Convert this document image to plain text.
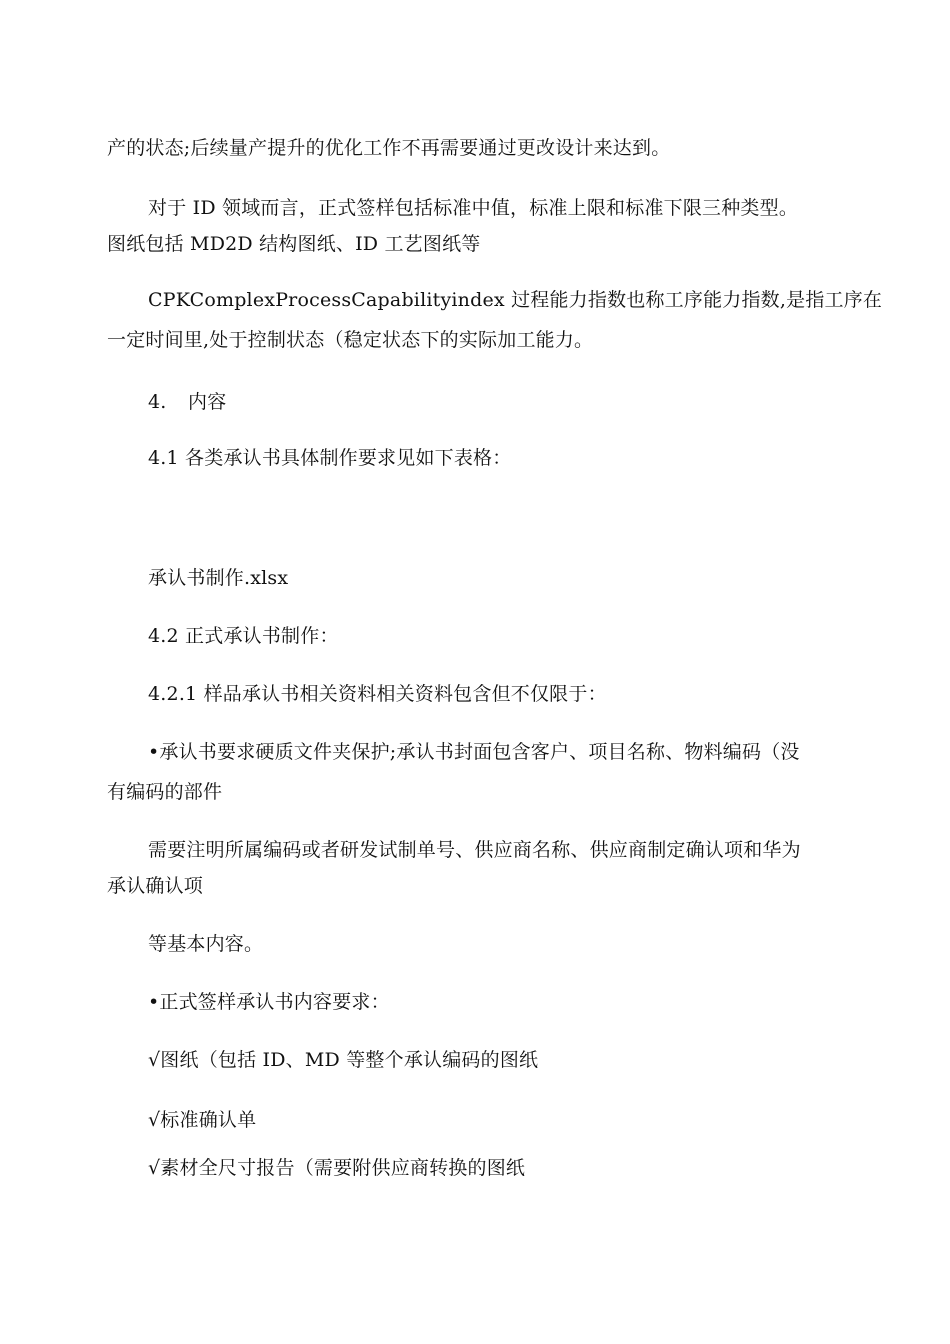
产的状态;后续量产提升的优化工作不再需要通过更改设计来达到。
对于 ID 领域而言，正式签样包括标准中值，标准上限和标准下限三种类型。
图纸包括 MD2D 结构图纸、ID 工艺图纸等
CPKComplexProcessCapabilityindex 过程能力指数也称工序能力指数,是指工序在
一定时间里,处于控制状态（稳定状态下的实际加工能力。
4. 内容
4.1 各类承认书具体制作要求见如下表格：
承认书制作.xlsx
4.2 正式承认书制作：
4.2.1 样品承认书相关资料相关资料包含但不仅限于：
•承认书要求硬质文件夹保护;承认书封面包含客户、项目名称、物料编码（没
有编码的部件
需要注明所属编码或者研发试制单号、供应商名称、供应商制定确认项和华为
承认确认项
等基本内容。
•正式签样承认书内容要求：
√图纸（包括 ID、MD 等整个承认编码的图纸
√标准确认单
√素材全尺寸报告（需要附供应商转换的图纸
